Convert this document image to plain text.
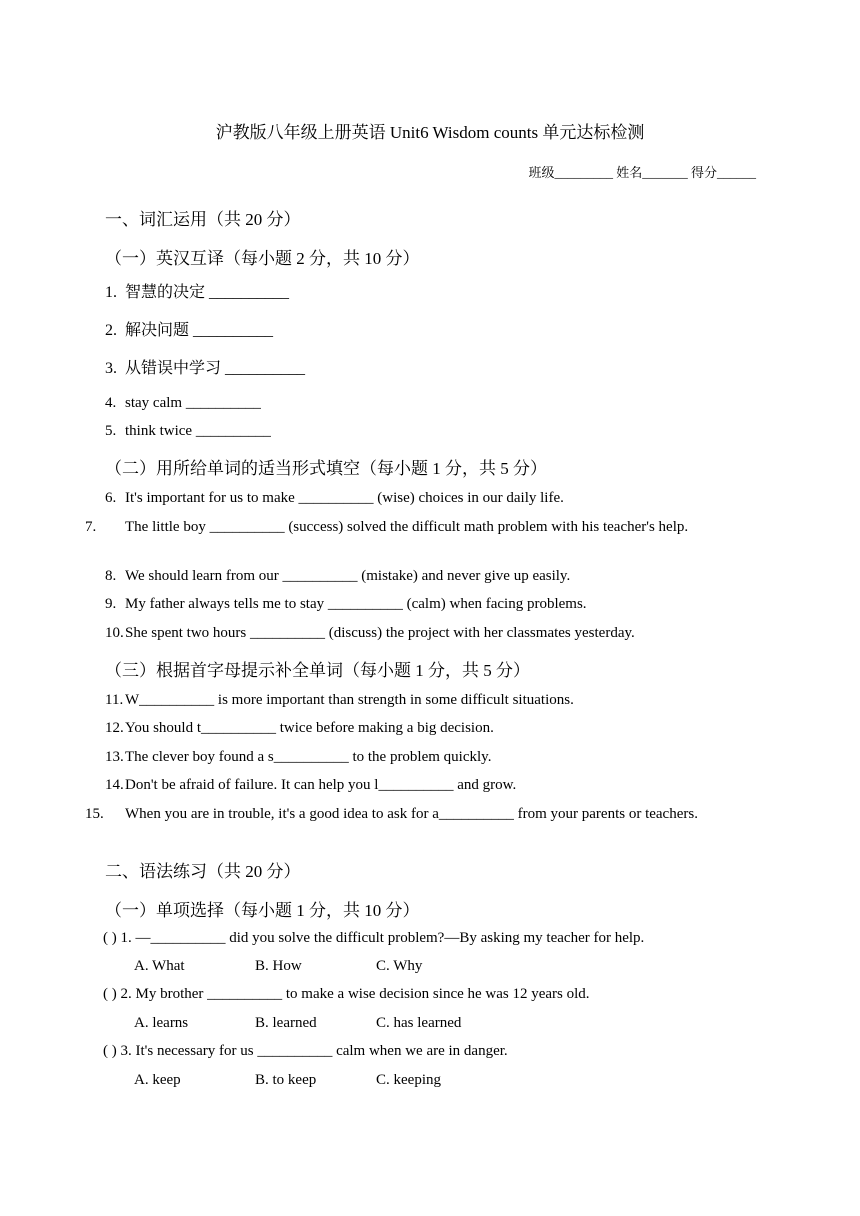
沪教版八年级上册英语 Unit6 Wisdom counts 单元达标检测
班级_________ 姓名_______ 得分______
一、词汇运用（共 20 分）
（一）英汉互译（每小题 2 分，共 10 分）
1. 智慧的决定 __________
2. 解决问题 __________
3. 从错误中学习 __________
4. stay calm __________
5. think twice __________
（二）用所给单词的适当形式填空（每小题 1 分，共 5 分）
6. It's important for us to make __________ (wise) choices in our daily life.
7. The little boy __________ (success) solved the difficult math problem with his teacher's help.
8. We should learn from our __________ (mistake) and never give up easily.
9. My father always tells me to stay __________ (calm) when facing problems.
10.She spent two hours __________ (discuss) the project with her classmates yesterday.
（三）根据首字母提示补全单词（每小题 1 分，共 5 分）
11. W__________ is more important than strength in some difficult situations.
12.You should t__________ twice before making a big decision.
13.The clever boy found a s__________ to the problem quickly.
14.Don't be afraid of failure. It can help you l__________ and grow.
15. When you are in trouble, it's a good idea to ask for a__________ from your parents or teachers.
二、语法练习（共 20 分）
（一）单项选择（每小题 1 分，共 10 分）
( ) 1. —__________ did you solve the difficult problem?—By asking my teacher for help.
A. What	B. How	C. Why
( ) 2. My brother __________ to make a wise decision since he was 12 years old.
A. learns	B. learned	C. has learned
( ) 3. It's necessary for us __________ calm when we are in danger.
A. keep	B. to keep	C. keeping
